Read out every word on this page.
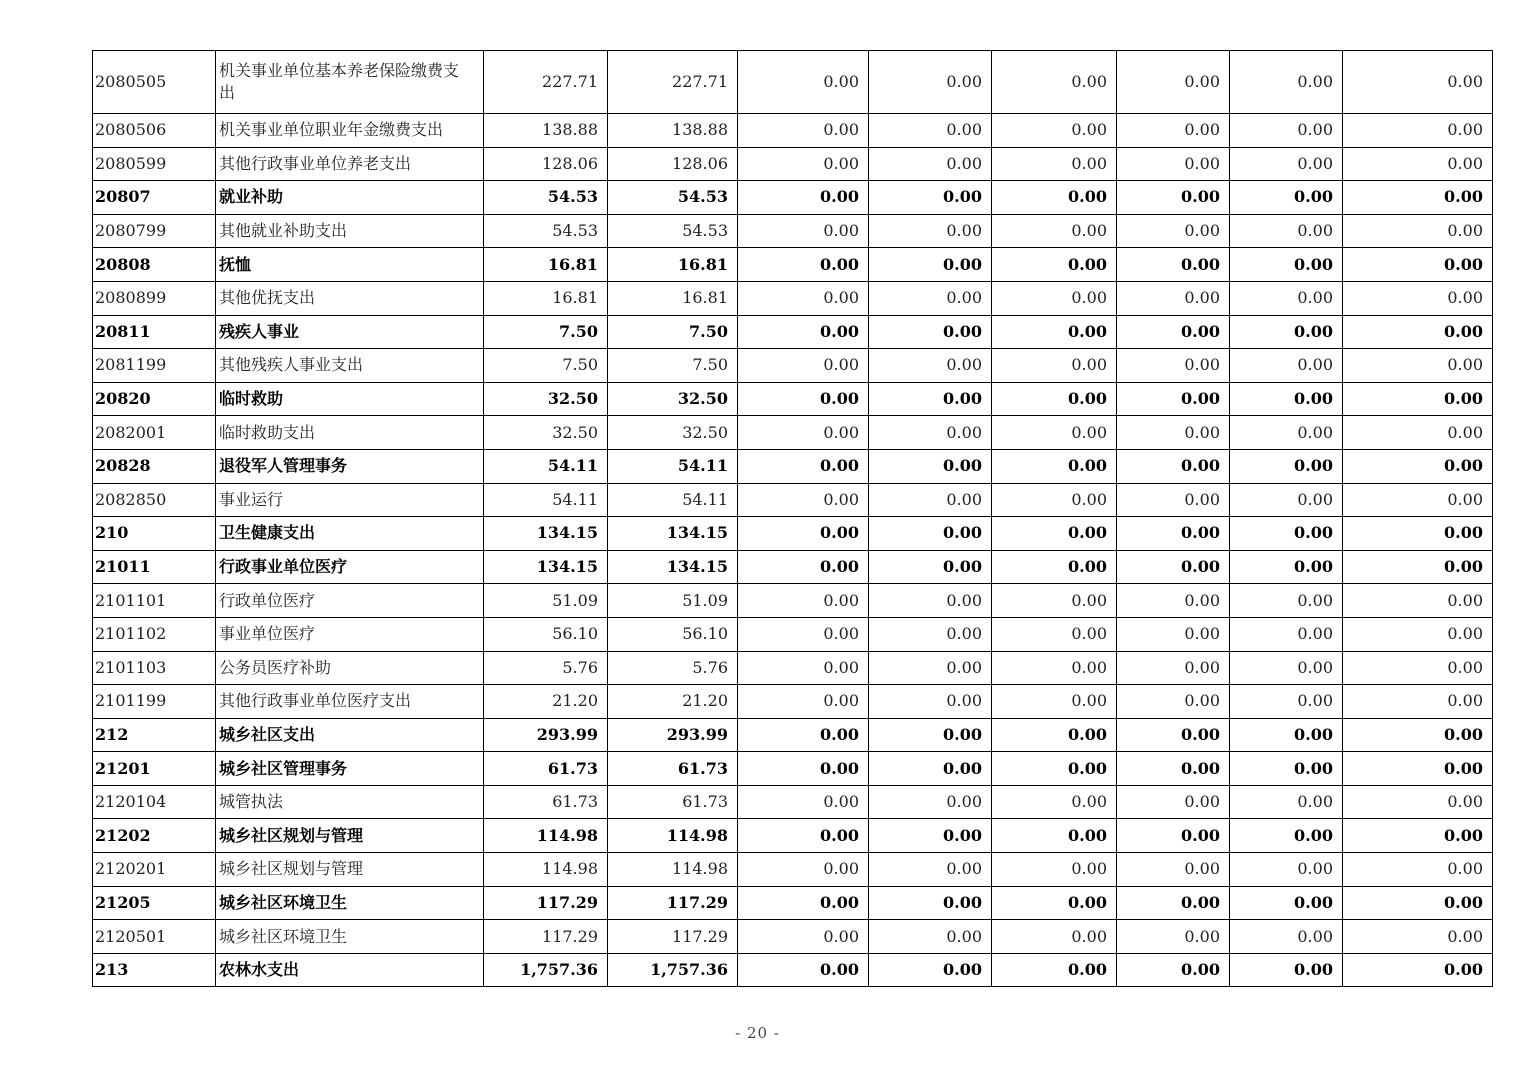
2080505	机关事业单位基本养老保险缴费支出	227.71	227.71	0.00	0.00	0.00	0.00	0.00	0.00
2080506	机关事业单位职业年金缴费支出	138.88	138.88	0.00	0.00	0.00	0.00	0.00	0.00
2080599	其他行政事业单位养老支出	128.06	128.06	0.00	0.00	0.00	0.00	0.00	0.00
20807	就业补助	54.53	54.53	0.00	0.00	0.00	0.00	0.00	0.00
2080799	其他就业补助支出	54.53	54.53	0.00	0.00	0.00	0.00	0.00	0.00
20808	抚恤	16.81	16.81	0.00	0.00	0.00	0.00	0.00	0.00
2080899	其他优抚支出	16.81	16.81	0.00	0.00	0.00	0.00	0.00	0.00
20811	残疾人事业	7.50	7.50	0.00	0.00	0.00	0.00	0.00	0.00
2081199	其他残疾人事业支出	7.50	7.50	0.00	0.00	0.00	0.00	0.00	0.00
20820	临时救助	32.50	32.50	0.00	0.00	0.00	0.00	0.00	0.00
2082001	临时救助支出	32.50	32.50	0.00	0.00	0.00	0.00	0.00	0.00
20828	退役军人管理事务	54.11	54.11	0.00	0.00	0.00	0.00	0.00	0.00
2082850	事业运行	54.11	54.11	0.00	0.00	0.00	0.00	0.00	0.00
210	卫生健康支出	134.15	134.15	0.00	0.00	0.00	0.00	0.00	0.00
21011	行政事业单位医疗	134.15	134.15	0.00	0.00	0.00	0.00	0.00	0.00
2101101	行政单位医疗	51.09	51.09	0.00	0.00	0.00	0.00	0.00	0.00
2101102	事业单位医疗	56.10	56.10	0.00	0.00	0.00	0.00	0.00	0.00
2101103	公务员医疗补助	5.76	5.76	0.00	0.00	0.00	0.00	0.00	0.00
2101199	其他行政事业单位医疗支出	21.20	21.20	0.00	0.00	0.00	0.00	0.00	0.00
212	城乡社区支出	293.99	293.99	0.00	0.00	0.00	0.00	0.00	0.00
21201	城乡社区管理事务	61.73	61.73	0.00	0.00	0.00	0.00	0.00	0.00
2120104	城管执法	61.73	61.73	0.00	0.00	0.00	0.00	0.00	0.00
21202	城乡社区规划与管理	114.98	114.98	0.00	0.00	0.00	0.00	0.00	0.00
2120201	城乡社区规划与管理	114.98	114.98	0.00	0.00	0.00	0.00	0.00	0.00
21205	城乡社区环境卫生	117.29	117.29	0.00	0.00	0.00	0.00	0.00	0.00
2120501	城乡社区环境卫生	117.29	117.29	0.00	0.00	0.00	0.00	0.00	0.00
213	农林水支出	1,757.36	1,757.36	0.00	0.00	0.00	0.00	0.00	0.00
- 20 -
